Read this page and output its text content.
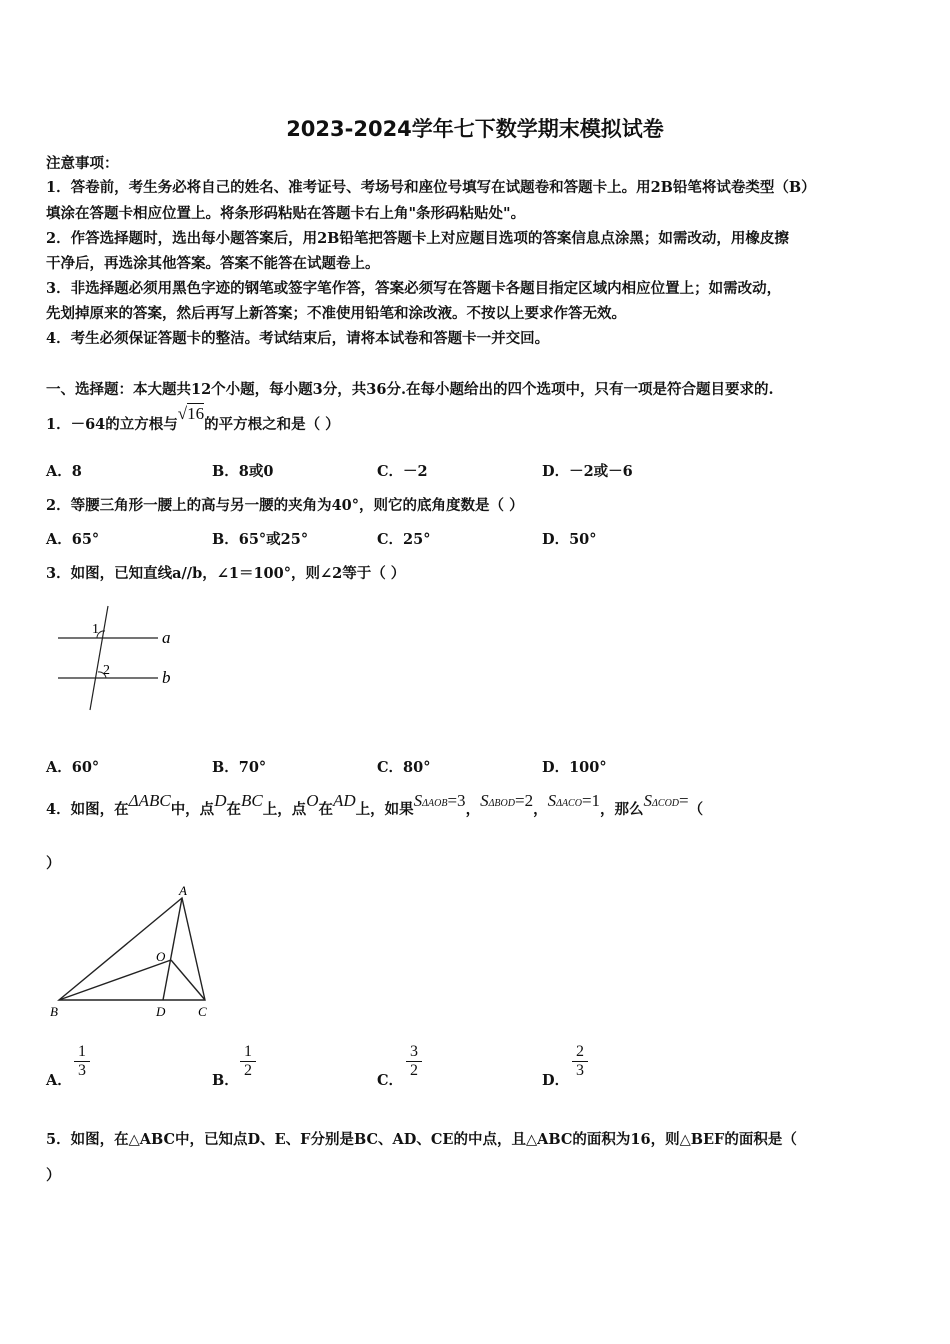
2023-2024学年七下数学期末模拟试卷
注意事项：
1．答卷前，考生务必将自己的姓名、准考证号、考场号和座位号填写在试题卷和答题卡上。用2B铅笔将试卷类型（B）
填涂在答题卡相应位置上。将条形码粘贴在答题卡右上角"条形码粘贴处"。
2．作答选择题时，选出每小题答案后，用2B铅笔把答题卡上对应题目选项的答案信息点涂黑；如需改动，用橡皮擦
干净后，再选涂其他答案。答案不能答在试题卷上。
3．非选择题必须用黑色字迹的钢笔或签字笔作答，答案必须写在答题卡各题目指定区域内相应位置上；如需改动，
先划掉原来的答案，然后再写上新答案；不准使用铅笔和涂改液。不按以上要求作答无效。
4．考生必须保证答题卡的整洁。考试结束后，请将本试卷和答题卡一并交回。
一、选择题：本大题共12个小题，每小题3分，共36分.在每小题给出的四个选项中，只有一项是符合题目要求的.
1．－64的立方根与√16的平方根之和是（ ）
A．8	B．8或0	C．－2	D．－2或－6
2．等腰三角形一腰上的高与另一腰的夹角为40°，则它的底角度数是（ ）
A．65°	B．65°或25°	C．25°	D．50°
3．如图，已知直线a//b，∠1＝100°，则∠2等于（ ）
1
2
a
b
A．60°	B．70°	C．80°	D．100°
4．如图，在ΔABC中，点D在BC上，点O在AD上，如果SΔAOB=3，SΔBOD=2，SΔACO=1，那么SΔCOD=（
）
A
B	C
D
O
A．
$\frac{1}{3}$
B．
$\frac{1}{2}$
C．
$\frac{3}{2}$
D．
$\frac{2}{3}$
5．如图，在△ABC中，已知点D、E、F分别是BC、AD、CE的中点，且△ABC的面积为16，则△BEF的面积是（
）
